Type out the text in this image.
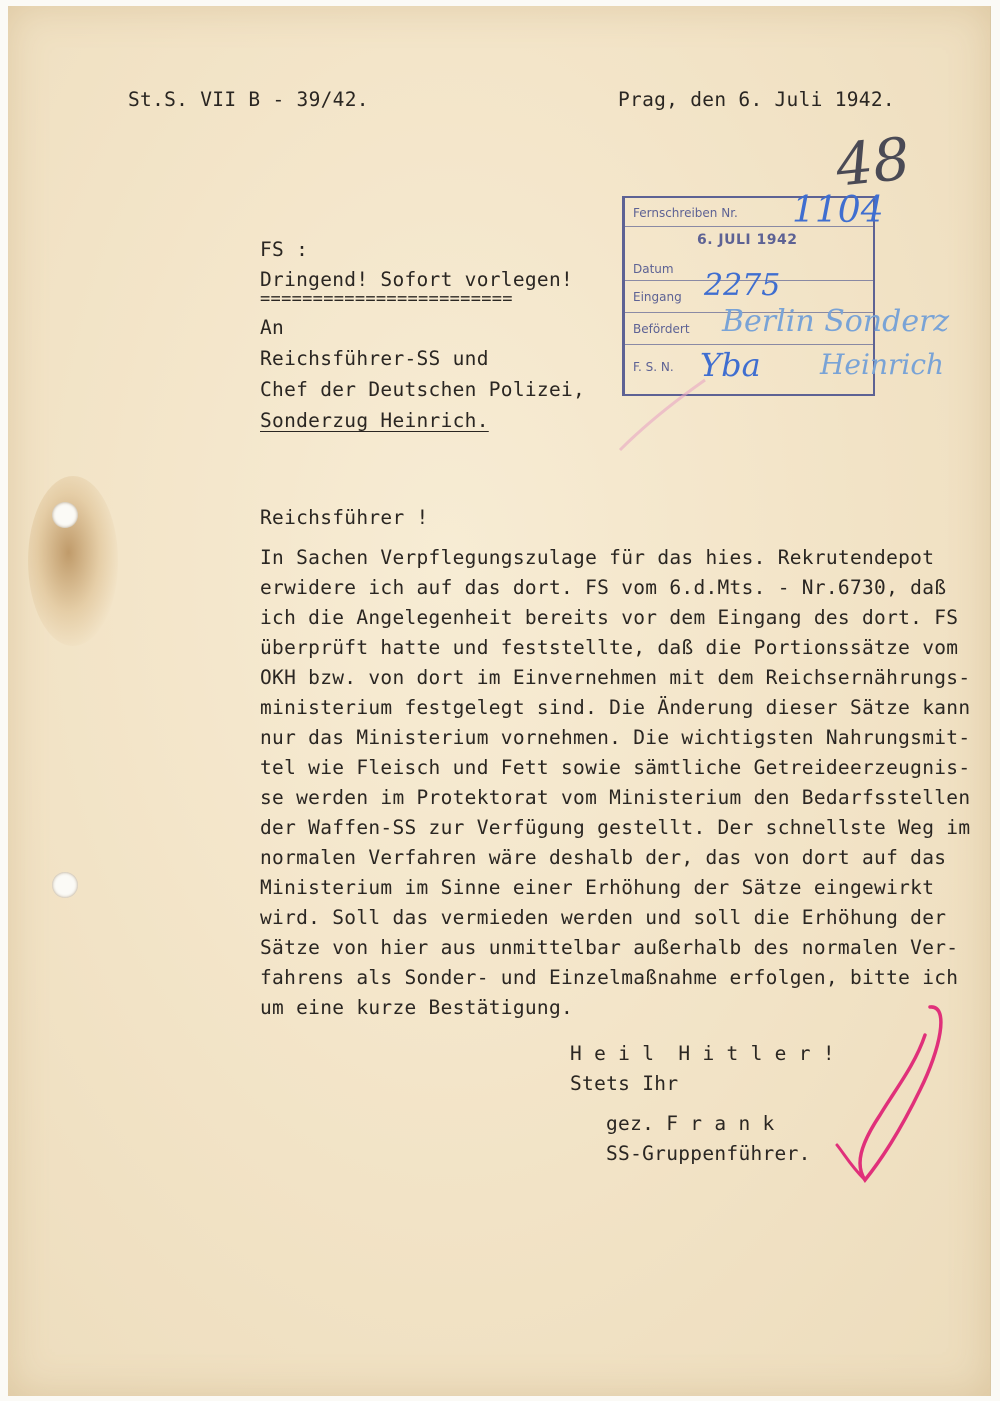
St.S. VII B - 39/42.	Prag, den 6. Juli 1942.
48
Fernschreiben Nr.
6. JULI 1942
Datum
Eingang
Befördert
F. S. N.
1104
2275
Berlin Sonderz
Yba Heinrich
FS :
Dringend! Sofort vorlegen!
========================
An
Reichsführer-SS und
Chef der Deutschen Polizei,
Sonderzug Heinrich.
Reichsführer !
In Sachen Verpflegungszulage für das hies. Rekrutendepot
erwidere ich auf das dort. FS vom 6.d.Mts. - Nr.6730, daß
ich die Angelegenheit bereits vor dem Eingang des dort. FS
überprüft hatte und feststellte, daß die Portionssätze vom
OKH bzw. von dort im Einvernehmen mit dem Reichsernährungs-
ministerium festgelegt sind. Die Änderung dieser Sätze kann
nur das Ministerium vornehmen. Die wichtigsten Nahrungsmit-
tel wie Fleisch und Fett sowie sämtliche Getreideerzeugnis-
se werden im Protektorat vom Ministerium den Bedarfsstellen
der Waffen-SS zur Verfügung gestellt. Der schnellste Weg im
normalen Verfahren wäre deshalb der, das von dort auf das
Ministerium im Sinne einer Erhöhung der Sätze eingewirkt
wird. Soll das vermieden werden und soll die Erhöhung der
Sätze von hier aus unmittelbar außerhalb des normalen Ver-
fahrens als Sonder- und Einzelmaßnahme erfolgen, bitte ich
um eine kurze Bestätigung.
H e i l  H i t l e r !
Stets Ihr
gez. F r a n k
SS-Gruppenführer.
